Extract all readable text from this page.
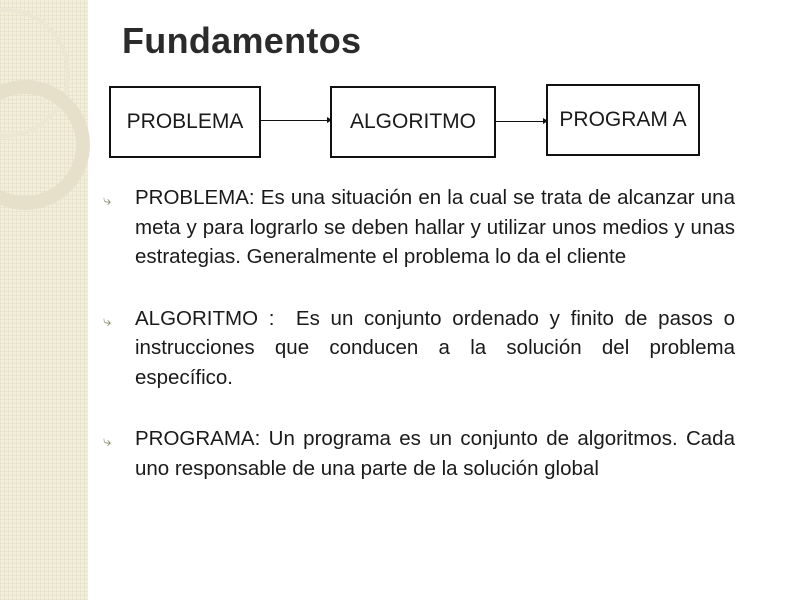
Fundamentos
PROBLEMA	ALGORITMO	PROGRAM A
⤷ PROBLEMA: Es una situación en la cual se trata de alcanzar una meta y para lograrlo se deben hallar y utilizar unos medios y unas estrategias. Generalmente el problema lo da el cliente
⤷ ALGORITMO : Es un conjunto ordenado y finito de pasos o instrucciones que conducen a la solución del problema específico.
⤷ PROGRAMA: Un programa es un conjunto de algoritmos. Cada uno responsable de una parte de la solución global
